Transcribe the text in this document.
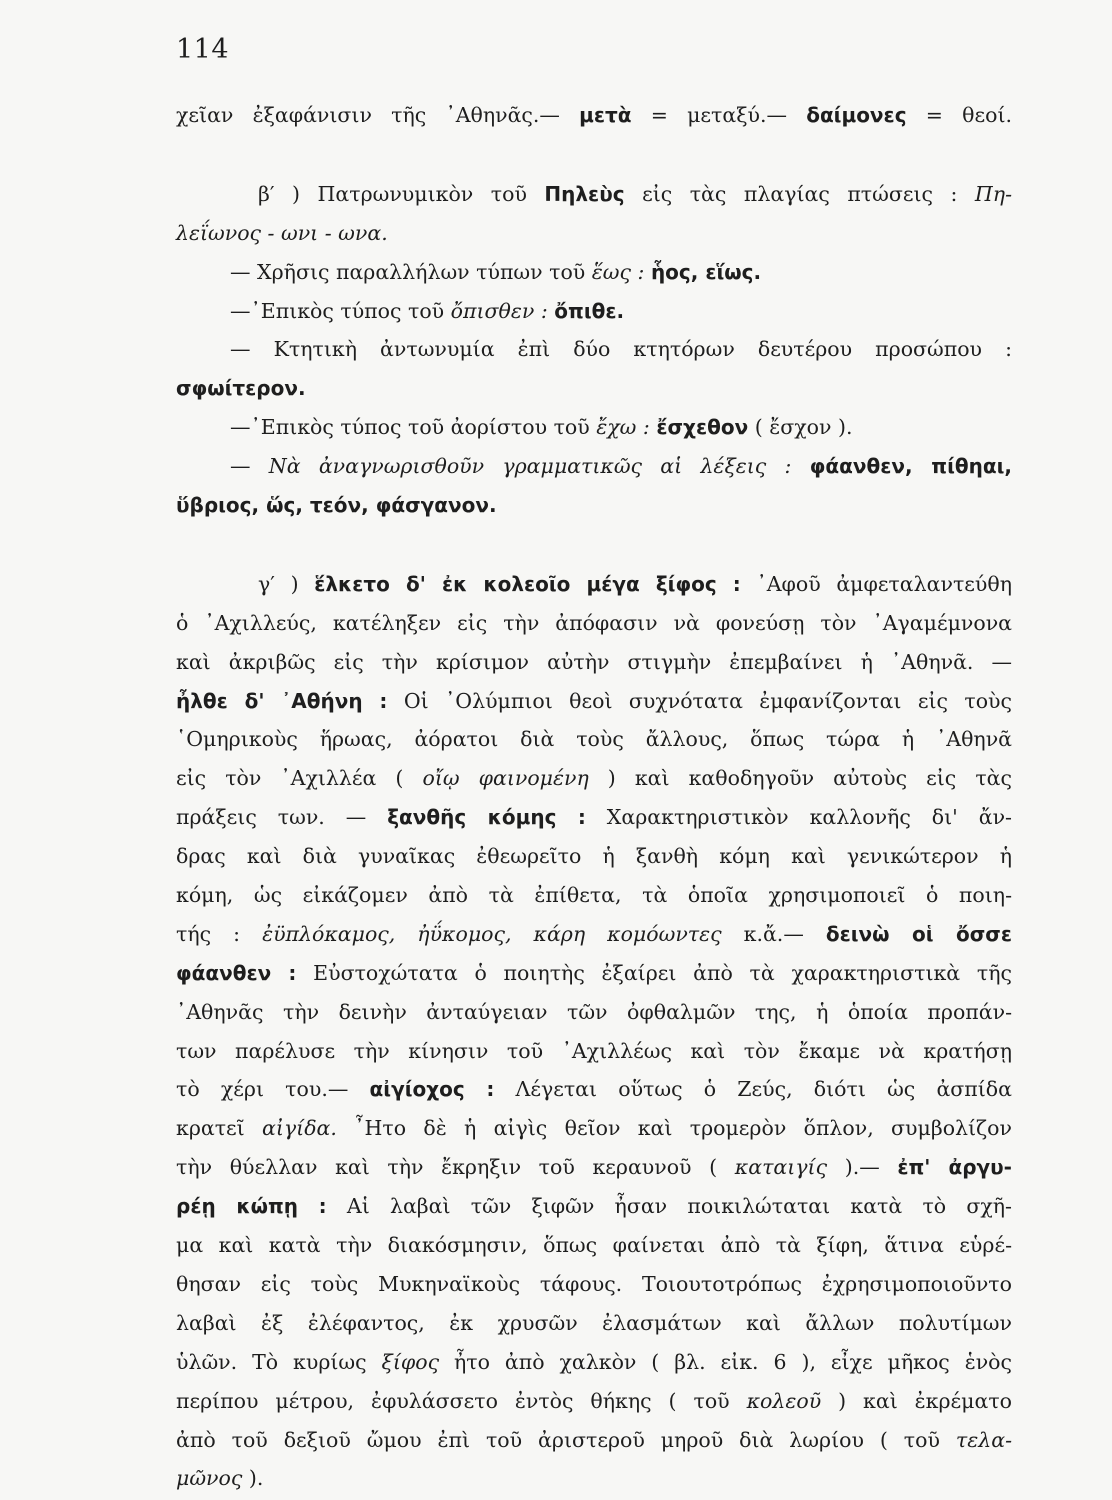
114
χεῖαν ἐξαφάνισιν τῆς ᾿Αθηνᾶς.— μετὰ = μεταξύ.— δαίμονες = θεοί.
β′ ) Πατρωνυμικὸν τοῦ Πηλεὺς εἰς τὰς πλαγίας πτώσεις : Πη-
λεΐωνος - ωνι - ωνα.
— Χρῆσις παραλλήλων τύπων τοῦ ἕως : ἧος, εἵως.
—᾿Επικὸς τύπος τοῦ ὄπισθεν : ὄπιθε.
— Κτητικὴ ἀντωνυμία ἐπὶ δύο κτητόρων δευτέρου προσώπου :
σφωίτερον.
—᾿Επικὸς τύπος τοῦ ἀορίστου τοῦ ἔχω : ἔσχεθον ( ἔσχον ).
— Νὰ ἀναγνωρισθοῦν γραμματικῶς αἱ λέξεις : φάανθεν, πίθηαι,
ὕβριος, ὥς, τεόν, φάσγανον.
γ′ ) ἕλκετο δ' ἐκ κολεοῖο μέγα ξίφος : ᾿Αφοῦ ἀμφεταλαντεύθη
ὁ ᾿Αχιλλεύς, κατέληξεν εἰς τὴν ἀπόφασιν νὰ φονεύσῃ τὸν ᾿Αγαμέμνονα
καὶ ἀκριβῶς εἰς τὴν κρίσιμον αὐτὴν στιγμὴν ἐπεμβαίνει ἡ ᾿Αθηνᾶ. —
ἦλθε δ' ᾿Αθήνη : Οἱ ᾿Ολύμπιοι θεοὶ συχνότατα ἐμφανίζονται εἰς τοὺς
῾Ομηρικοὺς ἥρωας, ἀόρατοι διὰ τοὺς ἄλλους, ὅπως τώρα ἡ ᾿Αθηνᾶ
εἰς τὸν ᾿Αχιλλέα ( οἴῳ φαινομένη ) καὶ καθοδηγοῦν αὐτοὺς εἰς τὰς
πράξεις των. — ξανθῆς κόμης : Χαρακτηριστικὸν καλλονῆς δι' ἄν-
δρας καὶ διὰ γυναῖκας ἐθεωρεῖτο ἡ ξανθὴ κόμη καὶ γενικώτερον ἡ
κόμη, ὡς εἰκάζομεν ἀπὸ τὰ ἐπίθετα, τὰ ὁποῖα χρησιμοποιεῖ ὁ ποιη-
τής : ἐϋπλόκαμος, ἠΰκομος, κάρη κομόωντες κ.ἄ.— δεινὼ οἱ ὄσσε
φάανθεν : Εὐστοχώτατα ὁ ποιητὴς ἐξαίρει ἀπὸ τὰ χαρακτηριστικὰ τῆς
᾿Αθηνᾶς τὴν δεινὴν ἀνταύγειαν τῶν ὀφθαλμῶν της, ἡ ὁποία προπάν-
των παρέλυσε τὴν κίνησιν τοῦ ᾿Αχιλλέως καὶ τὸν ἔκαμε νὰ κρατήσῃ
τὸ χέρι του.— αἰγίοχος : Λέγεται οὕτως ὁ Ζεύς, διότι ὡς ἀσπίδα
κρατεῖ αἰγίδα. ῏Ητο δὲ ἡ αἰγὶς θεῖον καὶ τρομερὸν ὅπλον, συμβολίζον
τὴν θύελλαν καὶ τὴν ἔκρηξιν τοῦ κεραυνοῦ ( καταιγίς ).— ἐπ' ἀργυ-
ρέῃ κώπῃ : Αἱ λαβαὶ τῶν ξιφῶν ἦσαν ποικιλώταται κατὰ τὸ σχῆ-
μα καὶ κατὰ τὴν διακόσμησιν, ὅπως φαίνεται ἀπὸ τὰ ξίφη, ἅτινα εὑρέ-
θησαν εἰς τοὺς Μυκηναϊκοὺς τάφους. Τοιουτοτρόπως ἐχρησιμοποιοῦντο
λαβαὶ ἐξ ἐλέφαντος, ἐκ χρυσῶν ἐλασμάτων καὶ ἄλλων πολυτίμων
ὑλῶν. Τὸ κυρίως ξίφος ἦτο ἀπὸ χαλκὸν ( βλ. εἰκ. 6 ), εἶχε μῆκος ἑνὸς
περίπου μέτρου, ἐφυλάσσετο ἐντὸς θήκης ( τοῦ κολεοῦ ) καὶ ἐκρέματο
ἀπὸ τοῦ δεξιοῦ ὤμου ἐπὶ τοῦ ἀριστεροῦ μηροῦ διὰ λωρίου ( τοῦ τελα-
μῶνος ).
